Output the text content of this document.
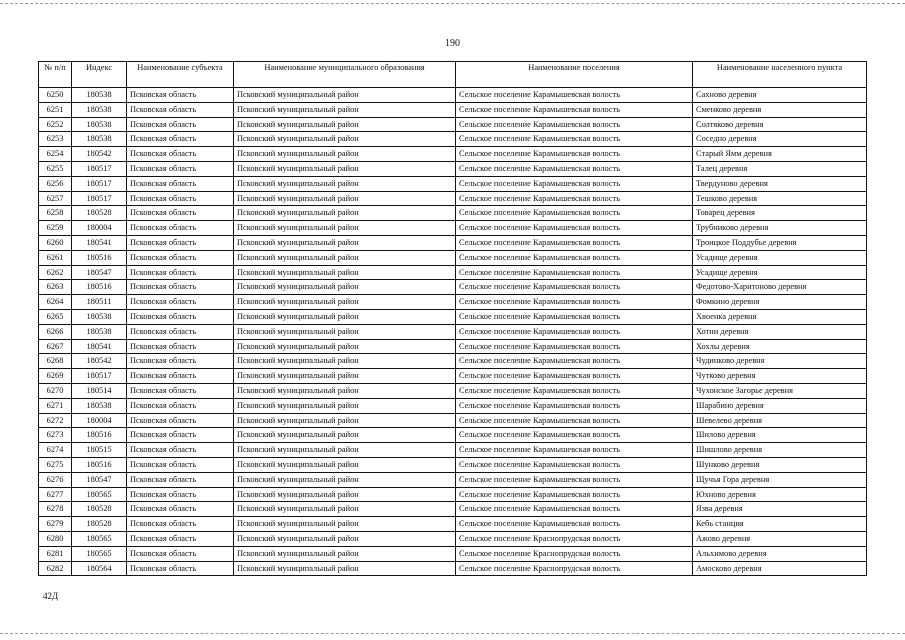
190
№ п/п	Индекс	Наименование субъекта	Наименование муниципального образования	Наименование поселения	Наименование населенного пункта
6250	180538	Псковская область	Псковский муниципальный район	Сельское поселение Карамышевская волость	Сахново деревня
6251	180538	Псковская область	Псковский муниципальный район	Сельское поселение Карамышевская волость	Сменково деревня
6252	180538	Псковская область	Псковский муниципальный район	Сельское поселение Карамышевская волость	Солтяково деревня
6253	180538	Псковская область	Псковский муниципальный район	Сельское поселение Карамышевская волость	Соседно деревня
6254	180542	Псковская область	Псковский муниципальный район	Сельское поселение Карамышевская волость	Старый Ямм деревня
6255	180517	Псковская область	Псковский муниципальный район	Сельское поселение Карамышевская волость	Талец деревня
6256	180517	Псковская область	Псковский муниципальный район	Сельское поселение Карамышевская волость	Твердуново деревня
6257	180517	Псковская область	Псковский муниципальный район	Сельское поселение Карамышевская волость	Тешково деревня
6258	180528	Псковская область	Псковский муниципальный район	Сельское поселение Карамышевская волость	Товарец деревня
6259	180004	Псковская область	Псковский муниципальный район	Сельское поселение Карамышевская волость	Трубниково деревня
6260	180541	Псковская область	Псковский муниципальный район	Сельское поселение Карамышевская волость	Троицкое Поддубье деревня
6261	180516	Псковская область	Псковский муниципальный район	Сельское поселение Карамышевская волость	Усадище деревня
6262	180547	Псковская область	Псковский муниципальный район	Сельское поселение Карамышевская волость	Усадище деревня
6263	180516	Псковская область	Псковский муниципальный район	Сельское поселение Карамышевская волость	Федотово-Харитоново деревня
6264	180511	Псковская область	Псковский муниципальный район	Сельское поселение Карамышевская волость	Фомкино деревня
6265	180538	Псковская область	Псковский муниципальный район	Сельское поселение Карамышевская волость	Хвоенка деревня
6266	180538	Псковская область	Псковский муниципальный район	Сельское поселение Карамышевская волость	Хотни деревня
6267	180541	Псковская область	Псковский муниципальный район	Сельское поселение Карамышевская волость	Хохлы деревня
6268	180542	Псковская область	Псковский муниципальный район	Сельское поселение Карамышевская волость	Чудинково деревня
6269	180517	Псковская область	Псковский муниципальный район	Сельское поселение Карамышевская волость	Чутково деревня
6270	180514	Псковская область	Псковский муниципальный район	Сельское поселение Карамышевская волость	Чухонское Загорье деревня
6271	180538	Псковская область	Псковский муниципальный район	Сельское поселение Карамышевская волость	Шарабино деревня
6272	180004	Псковская область	Псковский муниципальный район	Сельское поселение Карамышевская волость	Шевелево деревня
6273	180516	Псковская область	Псковский муниципальный район	Сельское поселение Карамышевская волость	Шилово деревня
6274	180515	Псковская область	Псковский муниципальный район	Сельское поселение Карамышевская волость	Шишлово деревня
6275	180516	Псковская область	Псковский муниципальный район	Сельское поселение Карамышевская волость	Шунково деревня
6276	180547	Псковская область	Псковский муниципальный район	Сельское поселение Карамышевская волость	Щучья Гора деревня
6277	180565	Псковская область	Псковский муниципальный район	Сельское поселение Карамышевская волость	Юхново деревня
6278	180528	Псковская область	Псковский муниципальный район	Сельское поселение Карамышевская волость	Язва деревня
6279	180528	Псковская область	Псковский муниципальный район	Сельское поселение Карамышевская волость	Кебь станция
6280	180565	Псковская область	Псковский муниципальный район	Сельское поселение Краснопрудская волость	Ажово деревня
6281	180565	Псковская область	Псковский муниципальный район	Сельское поселение Краснопрудская волость	Альхимово деревня
6282	180564	Псковская область	Псковский муниципальный район	Сельское поселение Краснопрудская волость	Амосково деревня
42Д
